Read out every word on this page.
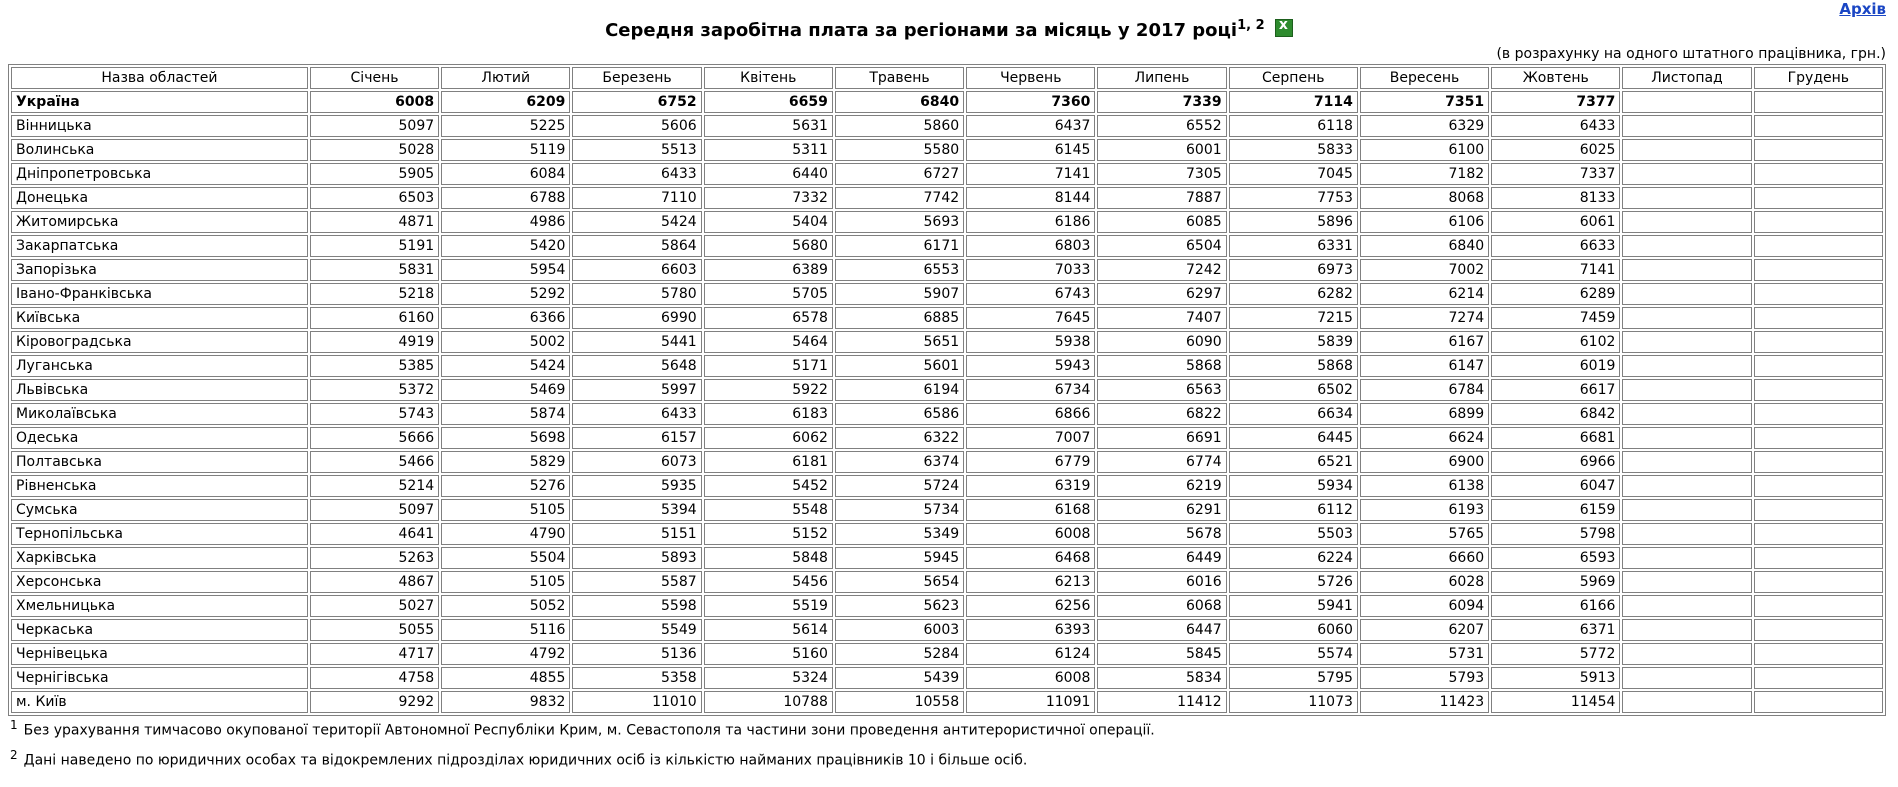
Архів
Середня заробітна плата за регіонами за місяць у 2017 році$^{1, 2}$ x
(в розрахунку на одного штатного працівника, грн.)
Назва областей	Січень	Лютий	Березень	Квітень	Травень	Червень	Липень	Серпень	Вересень	Жовтень	Листопад	Грудень
Україна	6008	6209	6752	6659	6840	7360	7339	7114	7351	7377		
Вінницька	5097	5225	5606	5631	5860	6437	6552	6118	6329	6433		
Волинська	5028	5119	5513	5311	5580	6145	6001	5833	6100	6025		
Дніпропетровська	5905	6084	6433	6440	6727	7141	7305	7045	7182	7337		
Донецька	6503	6788	7110	7332	7742	8144	7887	7753	8068	8133		
Житомирська	4871	4986	5424	5404	5693	6186	6085	5896	6106	6061		
Закарпатська	5191	5420	5864	5680	6171	6803	6504	6331	6840	6633		
Запорізька	5831	5954	6603	6389	6553	7033	7242	6973	7002	7141		
Івано-Франківська	5218	5292	5780	5705	5907	6743	6297	6282	6214	6289		
Київська	6160	6366	6990	6578	6885	7645	7407	7215	7274	7459		
Кіровоградська	4919	5002	5441	5464	5651	5938	6090	5839	6167	6102		
Луганська	5385	5424	5648	5171	5601	5943	5868	5868	6147	6019		
Львівська	5372	5469	5997	5922	6194	6734	6563	6502	6784	6617		
Миколаївська	5743	5874	6433	6183	6586	6866	6822	6634	6899	6842		
Одеська	5666	5698	6157	6062	6322	7007	6691	6445	6624	6681		
Полтавська	5466	5829	6073	6181	6374	6779	6774	6521	6900	6966		
Рівненська	5214	5276	5935	5452	5724	6319	6219	5934	6138	6047		
Сумська	5097	5105	5394	5548	5734	6168	6291	6112	6193	6159		
Тернопільська	4641	4790	5151	5152	5349	6008	5678	5503	5765	5798		
Харківська	5263	5504	5893	5848	5945	6468	6449	6224	6660	6593		
Херсонська	4867	5105	5587	5456	5654	6213	6016	5726	6028	5969		
Хмельницька	5027	5052	5598	5519	5623	6256	6068	5941	6094	6166		
Черкаська	5055	5116	5549	5614	6003	6393	6447	6060	6207	6371		
Чернівецька	4717	4792	5136	5160	5284	6124	5845	5574	5731	5772		
Чернігівська	4758	4855	5358	5324	5439	6008	5834	5795	5793	5913		
м. Київ	9292	9832	11010	10788	10558	11091	11412	11073	11423	11454		
$^1$ Без урахування тимчасово окупованої території Автономної Республіки Крим, м. Севастополя та частини зони проведення антитерористичної операції.
$^2$ Дані наведено по юридичних особах та відокремлених підрозділах юридичних осіб із кількістю найманих працівників 10 і більше осіб.
